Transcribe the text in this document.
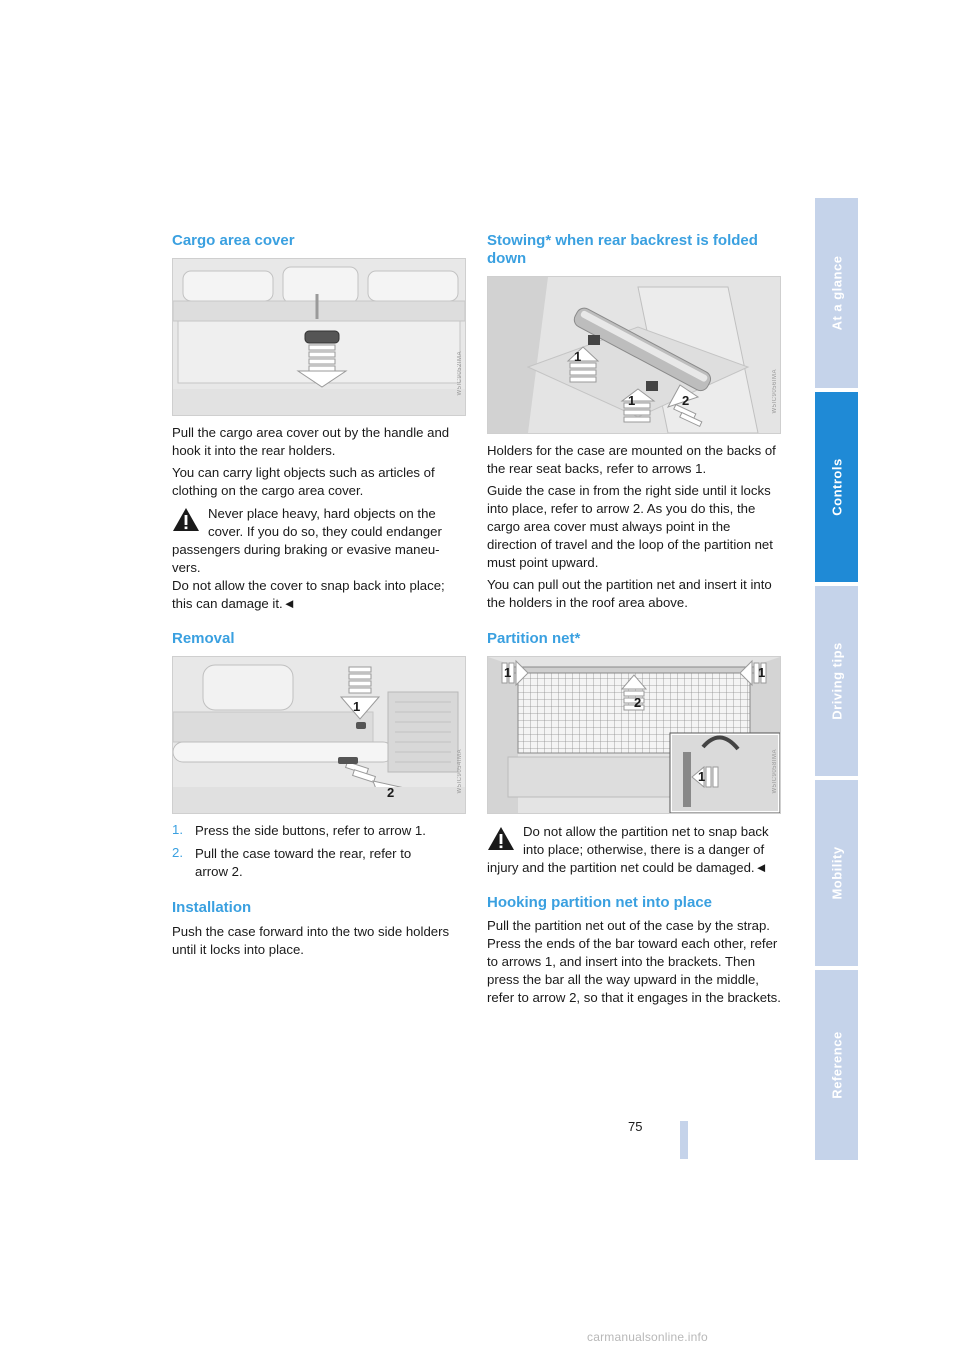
Cargo area cover
W5IC9052IMA

Pull the cargo area cover out by the handle and hook it into the rear holders.

You can carry light objects such as articles of clothing on the cargo area cover.

Never place heavy, hard objects on the

cover. If you do so, they could endanger

passengers during braking or evasive maneu-vers.

Do not allow the cover to snap back into place; this can damage it.◄

Removal
1
2	W5IC9054IMA
1. Press the side buttons, refer to arrow 1.

2. Pull the case toward the rear, refer to arrow 2.

Installation

Push the case forward into the two side holders until it locks into place.

Stowing* when rear backrest is folded
down
1
1	2	W5IC9056IMA

Holders for the case are mounted on the backs of the rear seat backs, refer to arrows 1.

Guide the case in from the right side until it locks into place, refer to arrow 2. As you do this, the cargo area cover must always point in the direction of travel and the loop of the partition net must point upward.

You can pull out the partition net and insert it into the holders in the roof area above.

Partition net*
1
2
1
1	W5IC9058IMA

Do not allow the partition net to snap back

into place; otherwise, there is a danger of

injury and the partition net could be damaged.◄

Hooking partition net into place

Pull the partition net out of the case by the strap. Press the ends of the bar toward each other, refer to arrows 1, and insert into the brackets. Then press the bar all the way upward in the middle, refer to arrow 2, so that it engages in the brackets.

At a glance
Controls
Driving tips
Mobility
Reference
75
carmanualsonline.info
